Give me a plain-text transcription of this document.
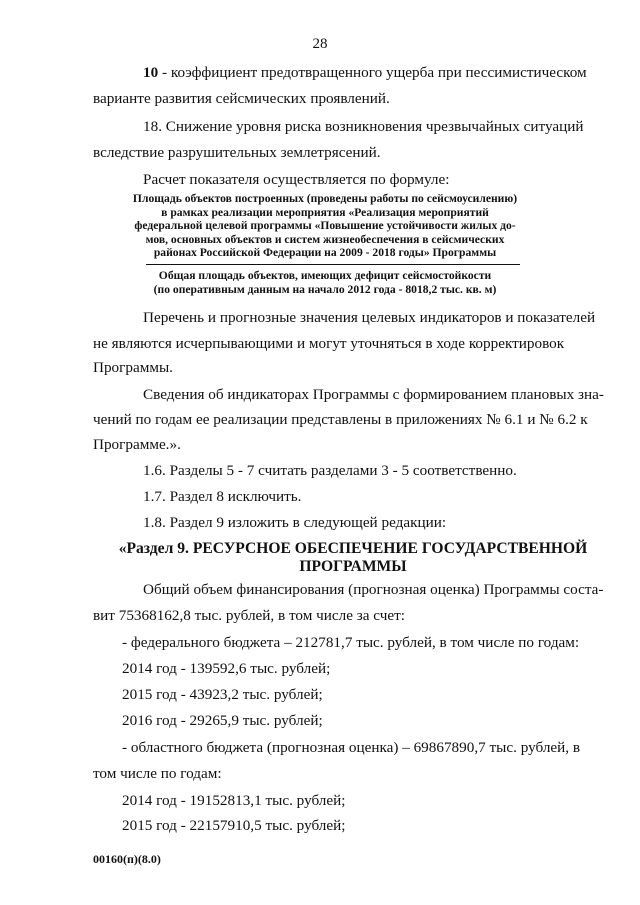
28
10 - коэффициент предотвращенного ущерба при пессимистическом
варианте развития сейсмических проявлений.
18. Снижение уровня риска возникновения чрезвычайных ситуаций
вследствие разрушительных землетрясений.
Расчет показателя осуществляется по формуле:
Площадь объектов построенных (проведены работы по сейсмоусилению)
в рамках реализации мероприятия «Реализация мероприятий
федеральной целевой программы «Повышение устойчивости жилых до-
мов, основных объектов и систем жизнеобеспечения в сейсмических
районах Российской Федерации на 2009 - 2018 годы» Программы
Общая площадь объектов, имеющих дефицит сейсмостойкости
(по оперативным данным на начало 2012 года - 8018,2 тыс. кв. м)
Перечень и прогнозные значения целевых индикаторов и показателей
не являются исчерпывающими и могут уточняться в ходе корректировок
Программы.
Сведения об индикаторах Программы с формированием плановых зна-
чений по годам ее реализации представлены в приложениях № 6.1 и № 6.2 к
Программе.».
1.6. Разделы 5 - 7 считать разделами 3 - 5 соответственно.
1.7. Раздел 8 исключить.
1.8. Раздел 9 изложить в следующей редакции:
«Раздел 9. РЕСУРСНОЕ ОБЕСПЕЧЕНИЕ ГОСУДАРСТВЕННОЙ
ПРОГРАММЫ
Общий объем финансирования (прогнозная оценка) Программы соста-
вит 75368162,8 тыс. рублей, в том числе за счет:
- федерального бюджета – 212781,7 тыс. рублей, в том числе по годам:
2014 год - 139592,6 тыс. рублей;
2015 год - 43923,2 тыс. рублей;
2016 год - 29265,9 тыс. рублей;
- областного бюджета (прогнозная оценка) – 69867890,7 тыс. рублей, в
том числе по годам:
2014 год - 19152813,1 тыс. рублей;
2015 год - 22157910,5 тыс. рублей;
00160(п)(8.0)
